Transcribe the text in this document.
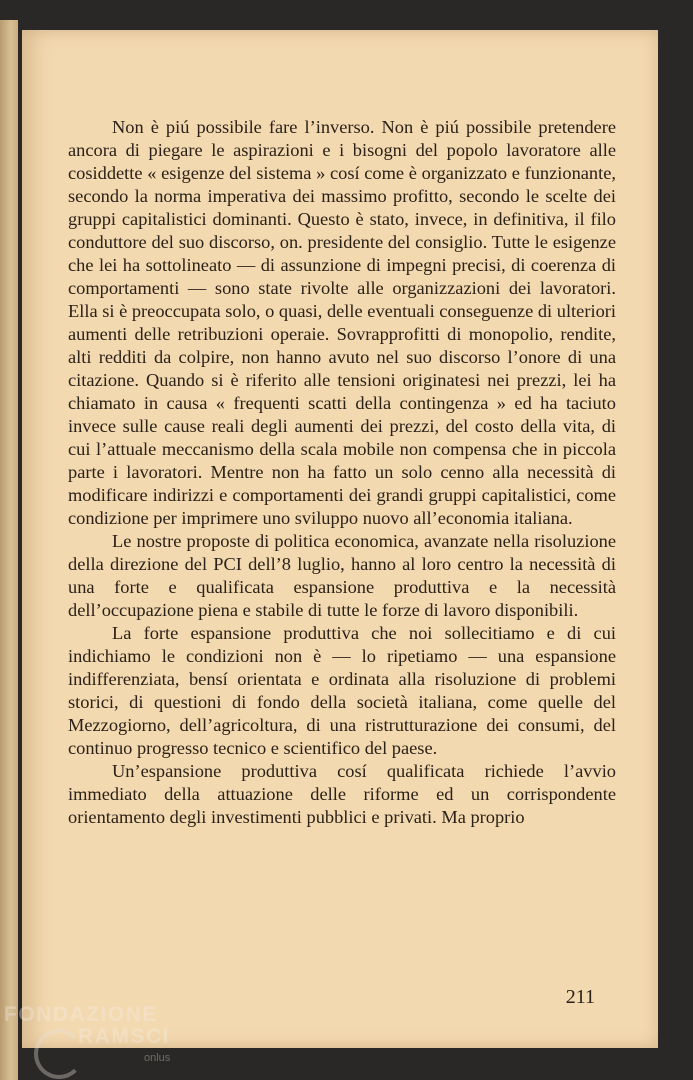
Non è piú possibile fare l’inverso. Non è piú possibile pretendere ancora di piegare le aspirazioni e i bisogni del popolo lavoratore alle cosiddette « esigenze del sistema » cosí come è organizzato e funzionante, secondo la norma imperativa dei massimo profitto, secondo le scelte dei gruppi capitalistici dominanti. Questo è stato, invece, in definitiva, il filo conduttore del suo discorso, on. presidente del consiglio. Tutte le esigenze che lei ha sottolineato — di assunzione di impegni precisi, di coerenza di comportamenti — sono state rivolte alle organizzazioni dei lavoratori. Ella si è preoccupata solo, o quasi, delle eventuali conseguenze di ulteriori aumenti delle retribuzioni operaie. Sovrapprofitti di monopolio, rendite, alti redditi da colpire, non hanno avuto nel suo discorso l’onore di una citazione. Quando si è riferito alle tensioni originatesi nei prezzi, lei ha chiamato in causa « frequenti scatti della contingenza » ed ha taciuto invece sulle cause reali degli aumenti dei prezzi, del costo della vita, di cui l’attuale meccanismo della scala mobile non compensa che in piccola parte i lavoratori. Mentre non ha fatto un solo cenno alla necessità di modificare indirizzi e comportamenti dei grandi gruppi capitalistici, come condizione per imprimere uno sviluppo nuovo all’economia italiana.

Le nostre proposte di politica economica, avanzate nella risoluzione della direzione del PCI dell’8 luglio, hanno al loro centro la necessità di una forte e qualificata espansione produttiva e la necessità dell’occupazione piena e stabile di tutte le forze di lavoro disponibili.

La forte espansione produttiva che noi sollecitiamo e di cui indichiamo le condizioni non è — lo ripetiamo — una espansione indifferenziata, bensí orientata e ordinata alla risoluzione di problemi storici, di questioni di fondo della società italiana, come quelle del Mezzogiorno, dell’agricoltura, di una ristrutturazione dei consumi, del continuo progresso tecnico e scientifico del paese.

Un’espansione produttiva cosí qualificata richiede l’avvio immediato della attuazione delle riforme ed un corrispondente orientamento degli investimenti pubblici e privati. Ma proprio

211
FONDAZIONE
RAMSCI
onlus
